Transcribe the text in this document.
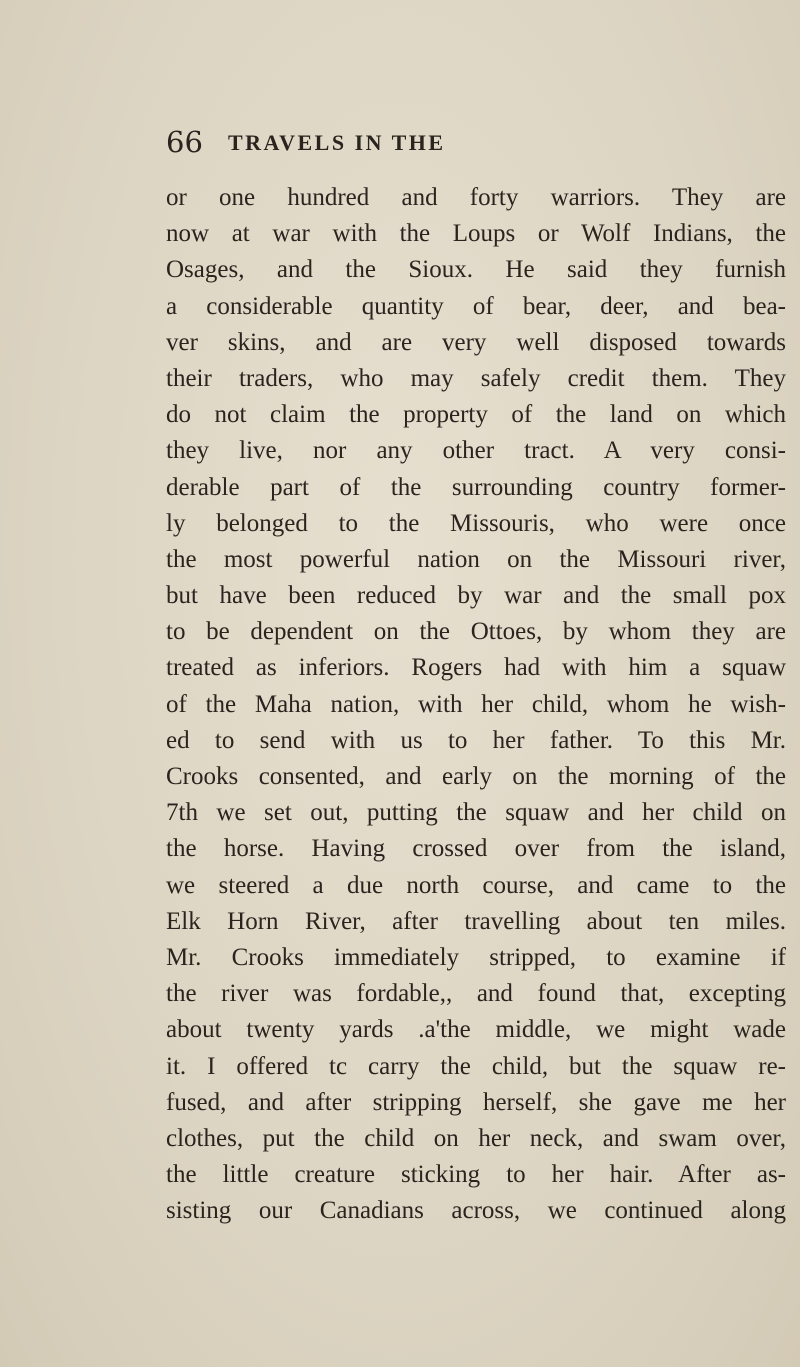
66 TRAVELS IN THE
or one hundred and forty warriors. They are
now at war with the Loups or Wolf Indians, the
Osages, and the Sioux. He said they furnish
a considerable quantity of bear, deer, and bea-
ver skins, and are very well disposed towards
their traders, who may safely credit them. They
do not claim the property of the land on which
they live, nor any other tract. A very consi-
derable part of the surrounding country former-
ly belonged to the Missouris, who were once
the most powerful nation on the Missouri river,
but have been reduced by war and the small pox
to be dependent on the Ottoes, by whom they are
treated as inferiors. Rogers had with him a squaw
of the Maha nation, with her child, whom he wish-
ed to send with us to her father. To this Mr.
Crooks consented, and early on the morning of the
7th we set out, putting the squaw and her child on
the horse. Having crossed over from the island,
we steered a due north course, and came to the
Elk Horn River, after travelling about ten miles.
Mr. Crooks immediately stripped, to examine if
the river was fordable,, and found that, excepting
about twenty yards .a'the middle, we might wade
it. I offered tc carry the child, but the squaw re-
fused, and after stripping herself, she gave me her
clothes, put the child on her neck, and swam over,
the little creature sticking to her hair. After as-
sisting our Canadians across, we continued along
